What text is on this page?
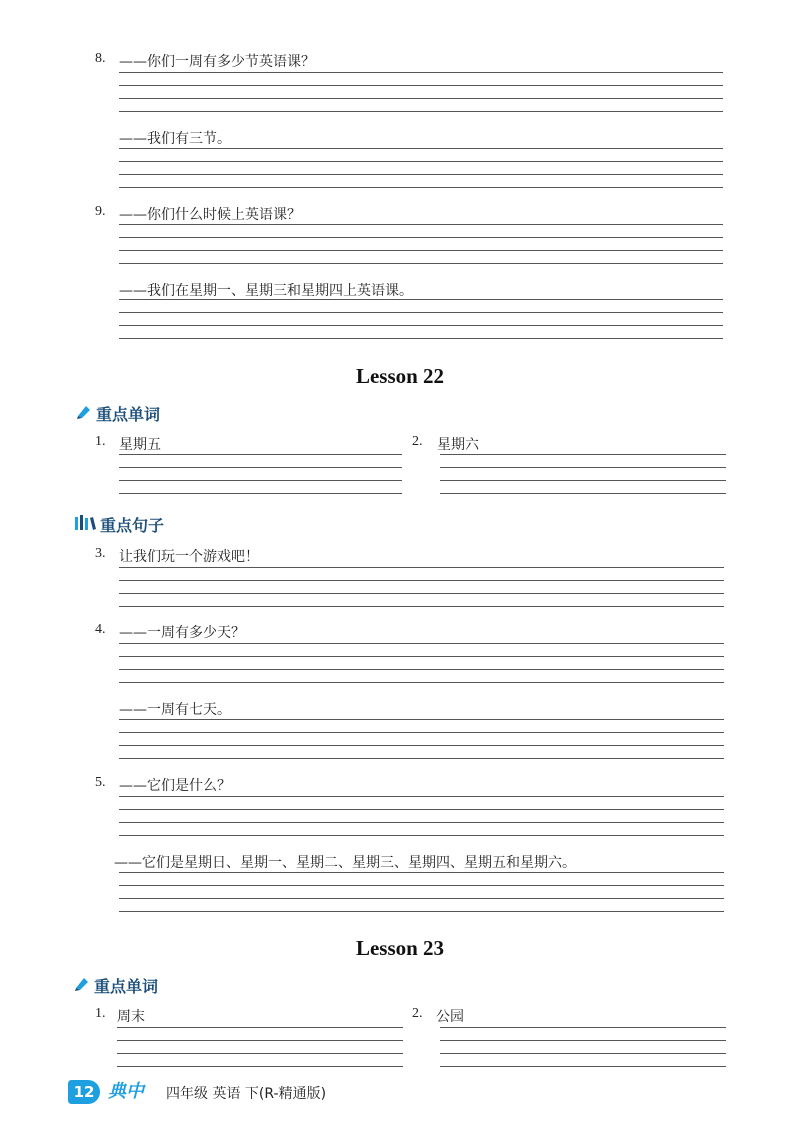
8. ——你们一周有多少节英语课？
——我们有三节。
9. ——你们什么时候上英语课？
——我们在星期一、星期三和星期四上英语课。
Lesson 22
重点单词
1. 星期五	2. 星期六
重点句子
3. 让我们玩一个游戏吧！
4. ——一周有多少天？
——一周有七天。
5. ——它们是什么？
——它们是星期日、星期一、星期二、星期三、星期四、星期五和星期六。
Lesson 23
重点单词
1. 周末	2. 公园
12 典中	四年级 英语 下(R-精通版)
